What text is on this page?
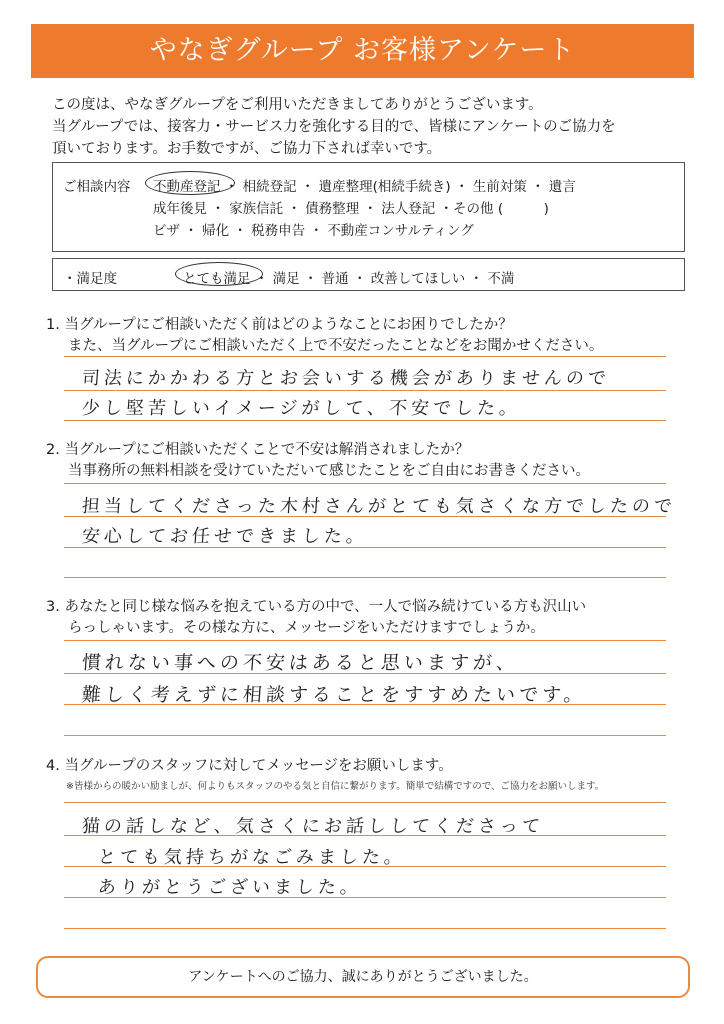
やなぎグループ お客様アンケート
この度は、やなぎグループをご利用いただきましてありがとうございます。
当グループでは、接客力・サービス力を強化する目的で、皆様にアンケートのご協力を
頂いております。お手数ですが、ご協力下されば幸いです。
ご相談内容 不動産登記 ・ 相続登記 ・ 遺産整理(相続手続き) ・ 生前対策 ・ 遺言
成年後見 ・ 家族信託 ・ 債務整理 ・ 法人登記 ・その他 (　　　)
ビザ ・ 帰化 ・ 税務申告 ・ 不動産コンサルティング
・満足度	とても満足 ・ 満足 ・ 普通 ・ 改善してほしい ・ 不満
1. 当グループにご相談いただく前はどのようなことにお困りでしたか？
また、当グループにご相談いただく上で不安だったことなどをお聞かせください。
司法にかかわる方とお会いする機会がありませんので
少し堅苦しいイメージがして、不安でした。
2. 当グループにご相談いただくことで不安は解消されましたか？
当事務所の無料相談を受けていただいて感じたことをご自由にお書きください。
担当してくださった木村さんがとても気さくな方でしたので
安心してお任せできました。
3. あなたと同じ様な悩みを抱えている方の中で、一人で悩み続けている方も沢山い
らっしゃいます。その様な方に、メッセージをいただけますでしょうか。
慣れない事への不安はあると思いますが、
難しく考えずに相談することをすすめたいです。
4. 当グループのスタッフに対してメッセージをお願いします。
※皆様からの暖かい励ましが、何よりもスタッフのやる気と自信に繋がります。簡単で結構ですので、ご協力をお願いします。
猫の話しなど、気さくにお話ししてくださって
とても気持ちがなごみました。
ありがとうございました。
アンケートへのご協力、誠にありがとうございました。
